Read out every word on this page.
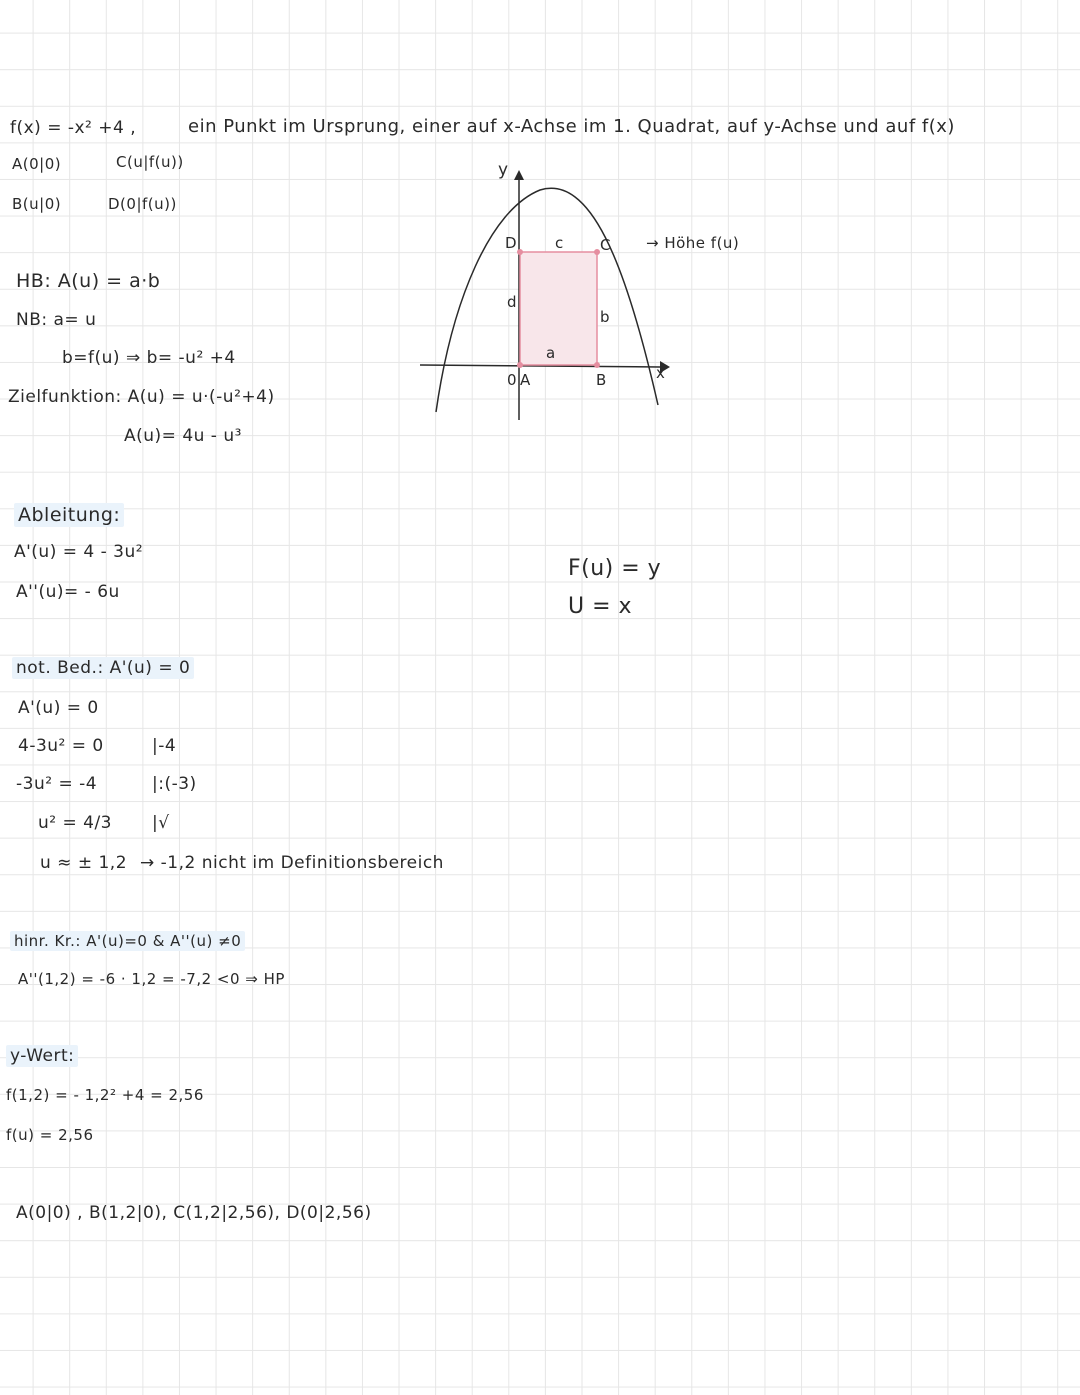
f(x) = -x² +4 ,	ein Punkt im Ursprung, einer auf x-Achse im 1. Quadrat, auf y-Achse und auf f(x)
A(0|0)	C(u|f(u))
B(u|0)	D(0|f(u))
HB: A(u) = a·b
NB: a= u
b=f(u) ⇒ b= -u² +4
Zielfunktion: A(u) = u·(-u²+4)
A(u)= 4u - u³
Ableitung:
A'(u) = 4 - 3u²
A''(u)= - 6u
not. Bed.: A'(u) = 0
A'(u) = 0
4-3u² = 0	|-4
-3u² = -4	|:(-3)
u² = 4/3 |√
u ≈ ± 1,2 → -1,2 nicht im Definitionsbereich
hinr. Kr.: A'(u)=0 & A''(u) ≠0
A''(1,2) = -6 · 1,2 = -7,2 <0 ⇒ HP
y-Wert:
f(1,2) = - 1,2² +4 = 2,56
f(u) = 2,56
A(0|0) , B(1,2|0), C(1,2|2,56), D(0|2,56)
y
x
D	c C → Höhe f(u)
d
b
a
0 A	B
F(u) = y
U = x
